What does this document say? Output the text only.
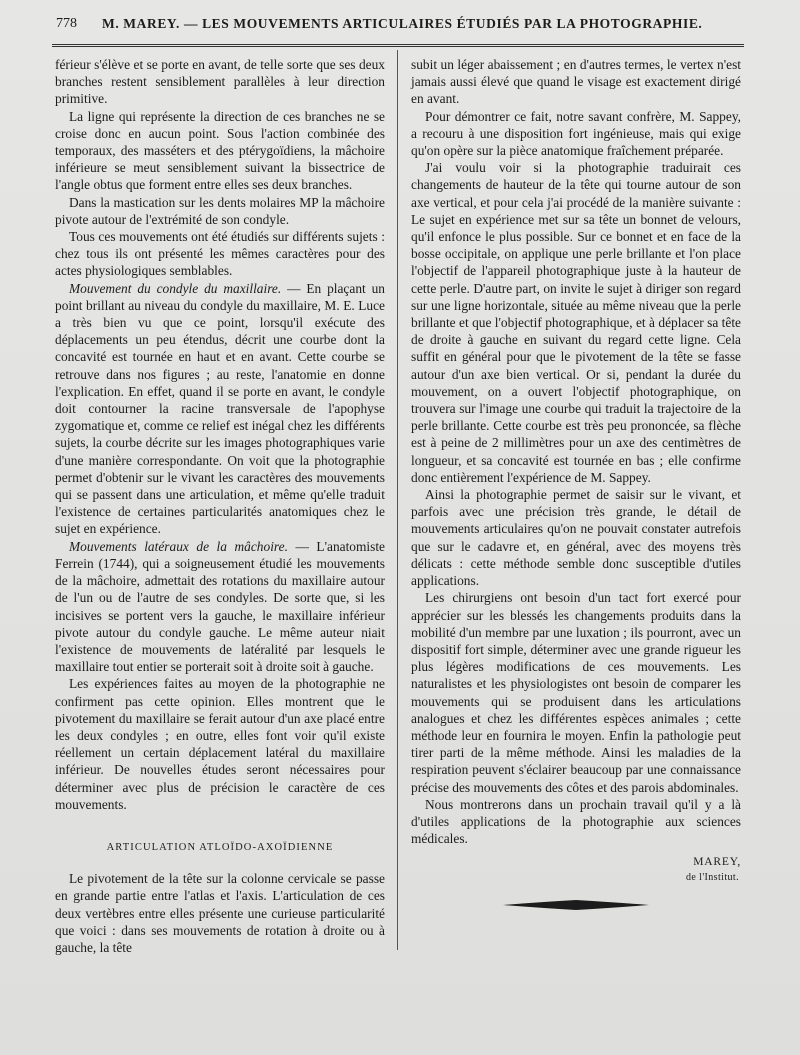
778 M. MAREY. — LES MOUVEMENTS ARTICULAIRES ÉTUDIÉS PAR LA PHOTOGRAPHIE.

férieur s'élève et se porte en avant, de telle sorte que ses deux branches restent sensiblement parallèles à leur direction primitive.

La ligne qui représente la direction de ces branches ne se croise donc en aucun point. Sous l'action combinée des temporaux, des masséters et des ptérygoïdiens, la mâchoire inférieure se meut sensiblement suivant la bissectrice de l'angle obtus que forment entre elles ses deux branches.

Dans la mastication sur les dents molaires MP la mâchoire pivote autour de l'extrémité de son condyle.

Tous ces mouvements ont été étudiés sur différents sujets : chez tous ils ont présenté les mêmes caractères pour des actes physiologiques semblables.

Mouvement du condyle du maxillaire. — En plaçant un point brillant au niveau du condyle du maxillaire, M. E. Luce a très bien vu que ce point, lorsqu'il exécute des déplacements un peu étendus, décrit une courbe dont la concavité est tournée en haut et en avant. Cette courbe se retrouve dans nos figures ; au reste, l'anatomie en donne l'explication. En effet, quand il se porte en avant, le condyle doit contourner la racine transversale de l'apophyse zygomatique et, comme ce relief est inégal chez les différents sujets, la courbe décrite sur les images photographiques varie d'une manière correspondante. On voit que la photographie permet d'obtenir sur le vivant les caractères des mouvements qui se passent dans une articulation, et même qu'elle traduit l'existence de certaines particularités anatomiques chez le sujet en expérience.

Mouvements latéraux de la mâchoire. — L'anatomiste Ferrein (1744), qui a soigneusement étudié les mouvements de la mâchoire, admettait des rotations du maxillaire autour de l'un ou de l'autre de ses condyles. De sorte que, si les incisives se portent vers la gauche, le maxillaire inférieur pivote autour du condyle gauche. Le même auteur niait l'existence de mouvements de latéralité par lesquels le maxillaire tout entier se porterait soit à droite soit à gauche.

Les expériences faites au moyen de la photographie ne confirment pas cette opinion. Elles montrent que le pivotement du maxillaire se ferait autour d'un axe placé entre les deux condyles ; en outre, elles font voir qu'il existe réellement un certain déplacement latéral du maxillaire inférieur. De nouvelles études seront nécessaires pour déterminer avec plus de précision le caractère de ces mouvements.

ARTICULATION ATLOÏDO-AXOÏDIENNE

Le pivotement de la tête sur la colonne cervicale se passe en grande partie entre l'atlas et l'axis. L'articulation de ces deux vertèbres entre elles présente une curieuse particularité que voici : dans ses mouvements de rotation à droite ou à gauche, la tête

subit un léger abaissement ; en d'autres termes, le vertex n'est jamais aussi élevé que quand le visage est exactement dirigé en avant.

Pour démontrer ce fait, notre savant confrère, M. Sappey, a recouru à une disposition fort ingénieuse, mais qui exige qu'on opère sur la pièce anatomique fraîchement préparée.

J'ai voulu voir si la photographie traduirait ces changements de hauteur de la tête qui tourne autour de son axe vertical, et pour cela j'ai procédé de la manière suivante : Le sujet en expérience met sur sa tête un bonnet de velours, qu'il enfonce le plus possible. Sur ce bonnet et en face de la bosse occipitale, on applique une perle brillante et l'on place l'objectif de l'appareil photographique juste à la hauteur de cette perle. D'autre part, on invite le sujet à diriger son regard sur une ligne horizontale, située au même niveau que la perle brillante et que l'objectif photographique, et à déplacer sa tête de droite à gauche en suivant du regard cette ligne. Cela suffit en général pour que le pivotement de la tête se fasse autour d'un axe bien vertical. Or si, pendant la durée du mouvement, on a ouvert l'objectif photographique, on trouvera sur l'image une courbe qui traduit la trajectoire de la perle brillante. Cette courbe est très peu prononcée, sa flèche est à peine de 2 millimètres pour un axe des centimètres de longueur, et sa concavité est tournée en bas ; elle confirme donc entièrement l'expérience de M. Sappey.

Ainsi la photographie permet de saisir sur le vivant, et parfois avec une précision très grande, le détail de mouvements articulaires qu'on ne pouvait constater autrefois que sur le cadavre et, en général, avec des moyens très délicats : cette méthode semble donc susceptible d'utiles applications.

Les chirurgiens ont besoin d'un tact fort exercé pour apprécier sur les blessés les changements produits dans la mobilité d'un membre par une luxation ; ils pourront, avec un dispositif fort simple, déterminer avec une grande rigueur les plus légères modifications de ces mouvements. Les naturalistes et les physiologistes ont besoin de comparer les mouvements qui se produisent dans les articulations analogues et chez les différentes espèces animales ; cette méthode leur en fournira le moyen. Enfin la pathologie peut tirer parti de la même méthode. Ainsi les maladies de la respiration peuvent s'éclairer beaucoup par une connaissance précise des mouvements des côtes et des parois abdominales.

Nous montrerons dans un prochain travail qu'il y a là d'utiles applications de la photographie aux sciences médicales.

MAREY,
de l'Institut.
